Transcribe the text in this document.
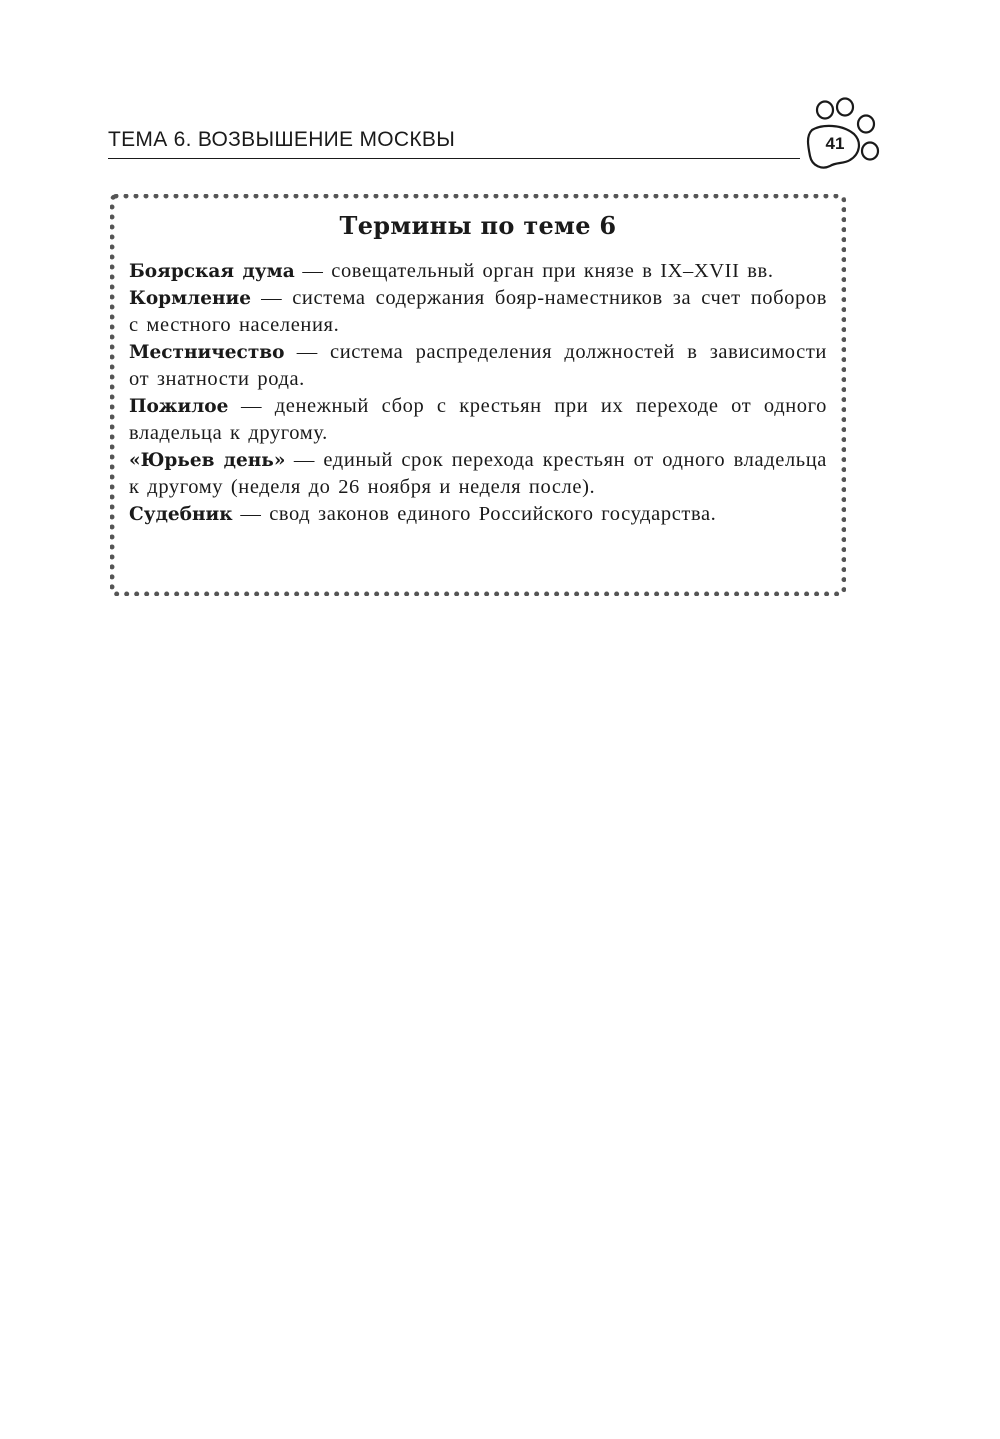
ТЕМА 6. ВОЗВЫШЕНИЕ МОСКВЫ	41
Термины по теме 6

Боярская дума — совещательный орган при князе в IX–XVII вв.

Кормление — система содержания бояр-наместников за счет поборов с местного населения.

Местничество — система распределения должностей в зависимости от знатности рода.

Пожилое — денежный сбор с крестьян при их переходе от одного владельца к другому.

«Юрьев день» — единый срок перехода крестьян от одного владельца к другому (неделя до 26 ноября и неделя после).

Судебник — свод законов единого Российского государства.
